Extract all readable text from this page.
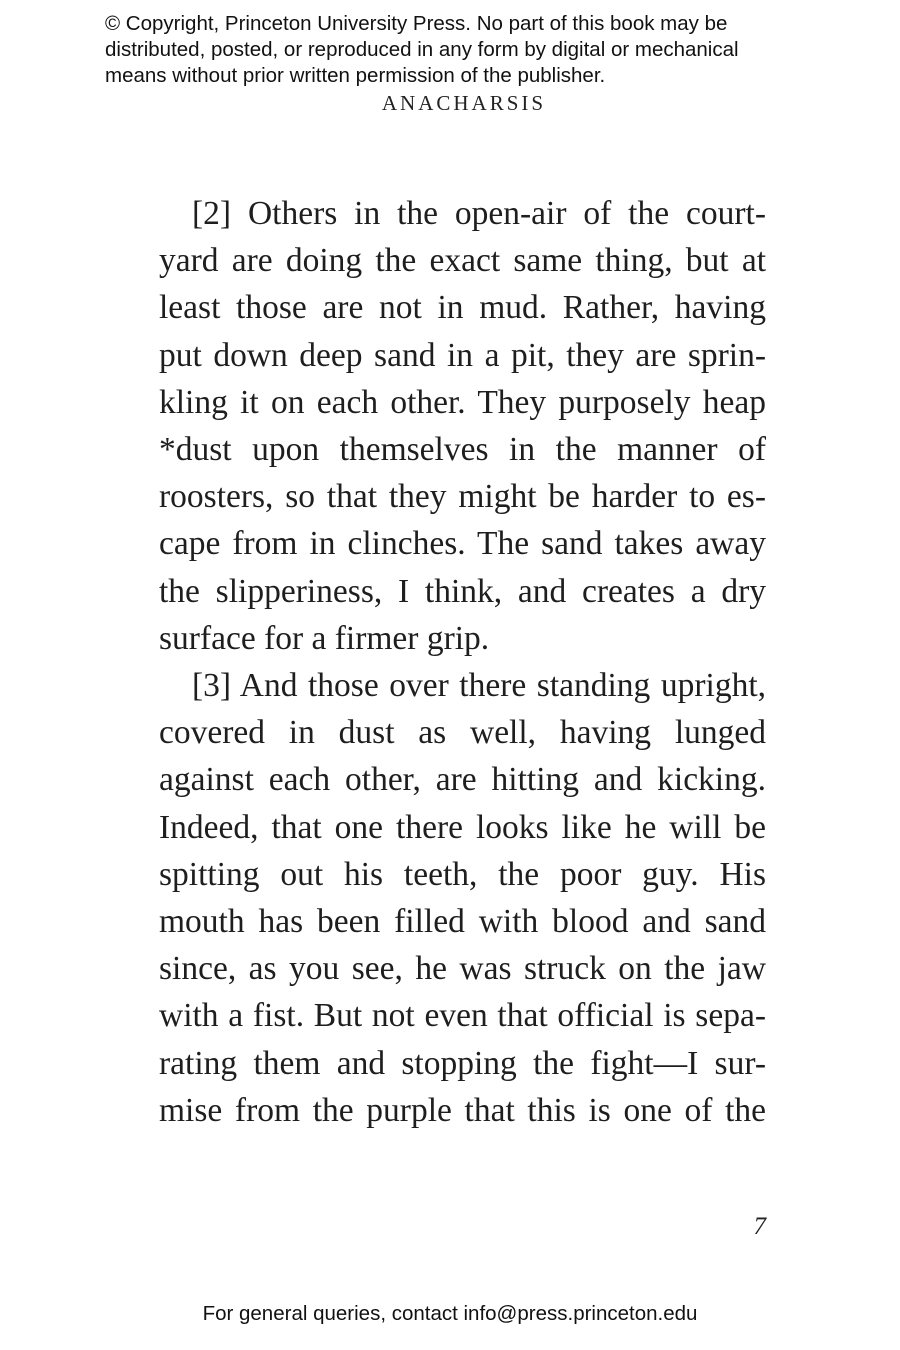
© Copyright, Princeton University Press. No part of this book may be
distributed, posted, or reproduced in any form by digital or mechanical
means without prior written permission of the publisher.
ANACHARSIS
[2] Others in the open-air of the court-
yard are doing the exact same thing, but at
least those are not in mud. Rather, having
put down deep sand in a pit, they are sprin-
kling it on each other. They purposely heap
*dust upon themselves in the manner of
roosters, so that they might be harder to es-
cape from in clinches. The sand takes away
the slipperiness, I think, and creates a dry
surface for a firmer grip.
[3] And those over there standing upright,
covered in dust as well, having lunged
against each other, are hitting and kicking.
Indeed, that one there looks like he will be
spitting out his teeth, the poor guy. His
mouth has been filled with blood and sand
since, as you see, he was struck on the jaw
with a fist. But not even that official is sepa-
rating them and stopping the fight—I sur-
mise from the purple that this is one of the
7
For general queries, contact info@press.princeton.edu
